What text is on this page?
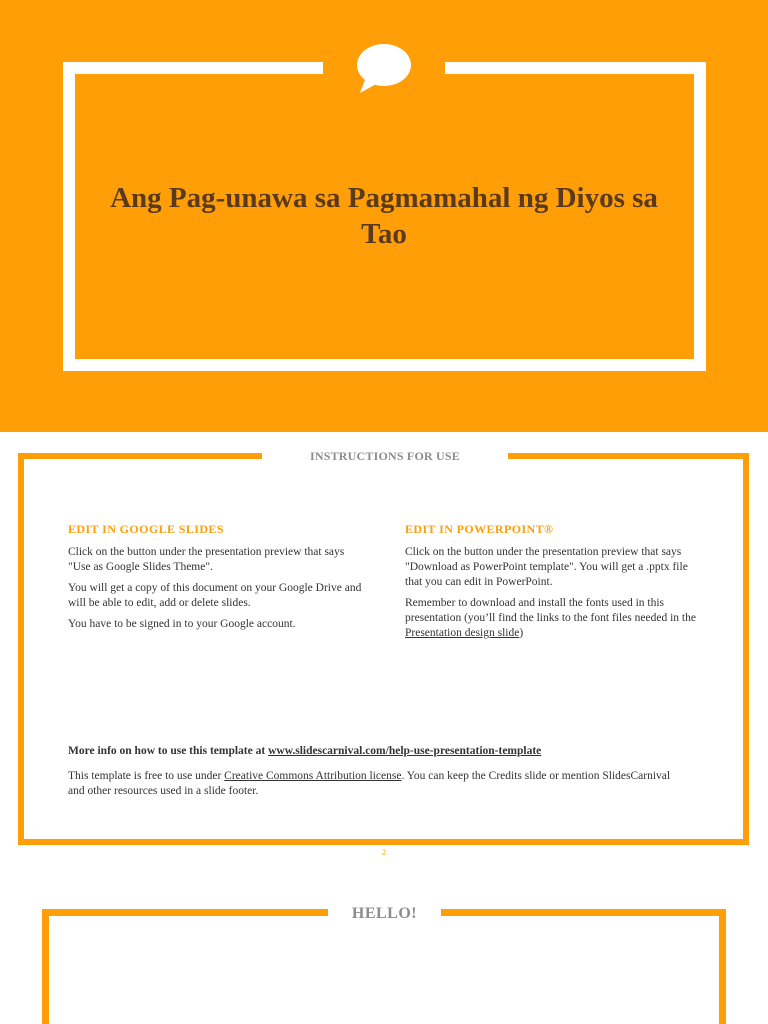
Ang Pag-unawa sa Pagmamahal ng Diyos sa Tao
INSTRUCTIONS FOR USE
EDIT IN GOOGLE SLIDES

Click on the button under the presentation preview that says "Use as Google Slides Theme".

You will get a copy of this document on your Google Drive and will be able to edit, add or delete slides.

You have to be signed in to your Google account.

EDIT IN POWERPOINT®

Click on the button under the presentation preview that says "Download as PowerPoint template". You will get a .pptx file that you can edit in PowerPoint.

Remember to download and install the fonts used in this presentation (you’ll find the links to the font files needed in the Presentation design slide)

More info on how to use this template at www.slidescarnival.com/help-use-presentation-template

This template is free to use under Creative Commons Attribution license. You can keep the Credits slide or mention SlidesCarnival and other resources used in a slide footer.

2

HELLO!
